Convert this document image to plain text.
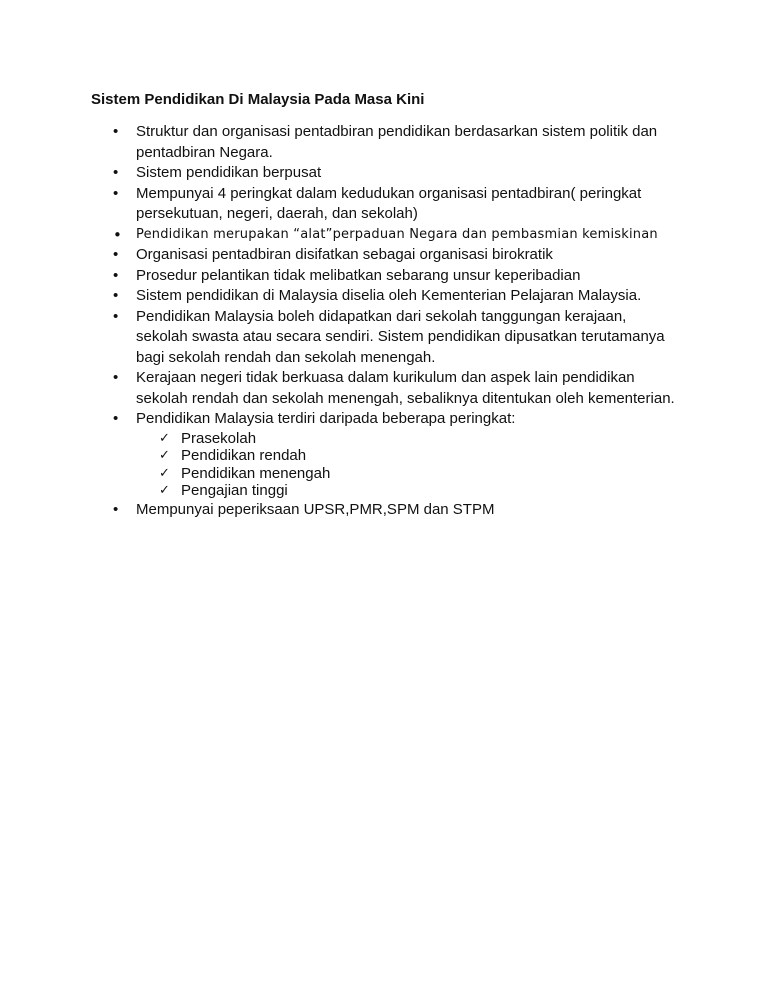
Sistem Pendidikan Di Malaysia Pada Masa Kini
• Struktur dan organisasi pentadbiran pendidikan berdasarkan sistem politik dan
pentadbiran Negara.
• Sistem pendidikan berpusat
• Mempunyai 4 peringkat dalam kedudukan organisasi pentadbiran( peringkat
persekutuan, negeri, daerah, dan sekolah)
• Pendidikan merupakan “alat”perpaduan Negara dan pembasmian kemiskinan
• Organisasi pentadbiran disifatkan sebagai organisasi birokratik
• Prosedur pelantikan tidak melibatkan sebarang unsur keperibadian
• Sistem pendidikan di Malaysia diselia oleh Kementerian Pelajaran Malaysia.
• Pendidikan Malaysia boleh didapatkan dari sekolah tanggungan kerajaan,
sekolah swasta atau secara sendiri. Sistem pendidikan dipusatkan terutamanya
bagi sekolah rendah dan sekolah menengah.
• Kerajaan negeri tidak berkuasa dalam kurikulum dan aspek lain pendidikan
sekolah rendah dan sekolah menengah, sebaliknya ditentukan oleh kementerian.
• Pendidikan Malaysia terdiri daripada beberapa peringkat:
✓ Prasekolah
✓ Pendidikan rendah
✓ Pendidikan menengah
✓ Pengajian tinggi
• Mempunyai peperiksaan UPSR,PMR,SPM dan STPM
